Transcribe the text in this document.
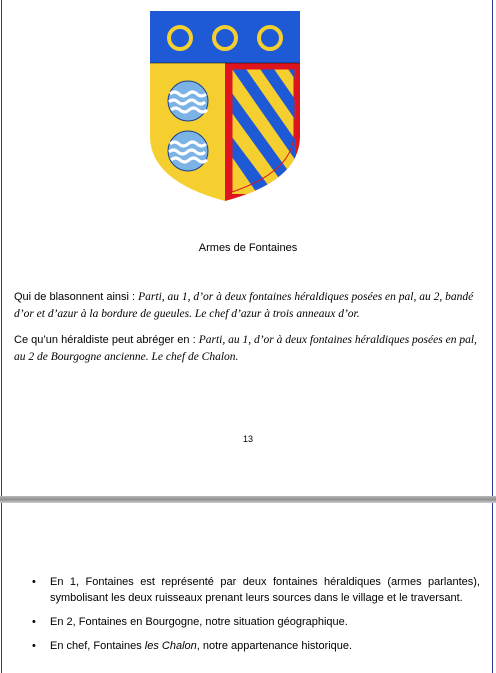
Armes de Fontaines
Qui de blasonnent ainsi : Parti, au 1, d’or à deux fontaines héraldiques posées en pal, au 2, bandé d’or et d’azur à la bordure de gueules. Le chef d’azur à trois anneaux d’or.
Ce qu’un héraldiste peut abréger en : Parti, au 1, d’or à deux fontaines héraldiques posées en pal, au 2 de Bourgogne ancienne. Le chef de Chalon.
13
• En 1, Fontaines est représenté par deux fontaines héraldiques (armes parlantes), symbolisant les deux ruisseaux prenant leurs sources dans le village et le traversant.
• En 2, Fontaines en Bourgogne, notre situation géographique.
• En chef, Fontaines les Chalon, notre appartenance historique.
